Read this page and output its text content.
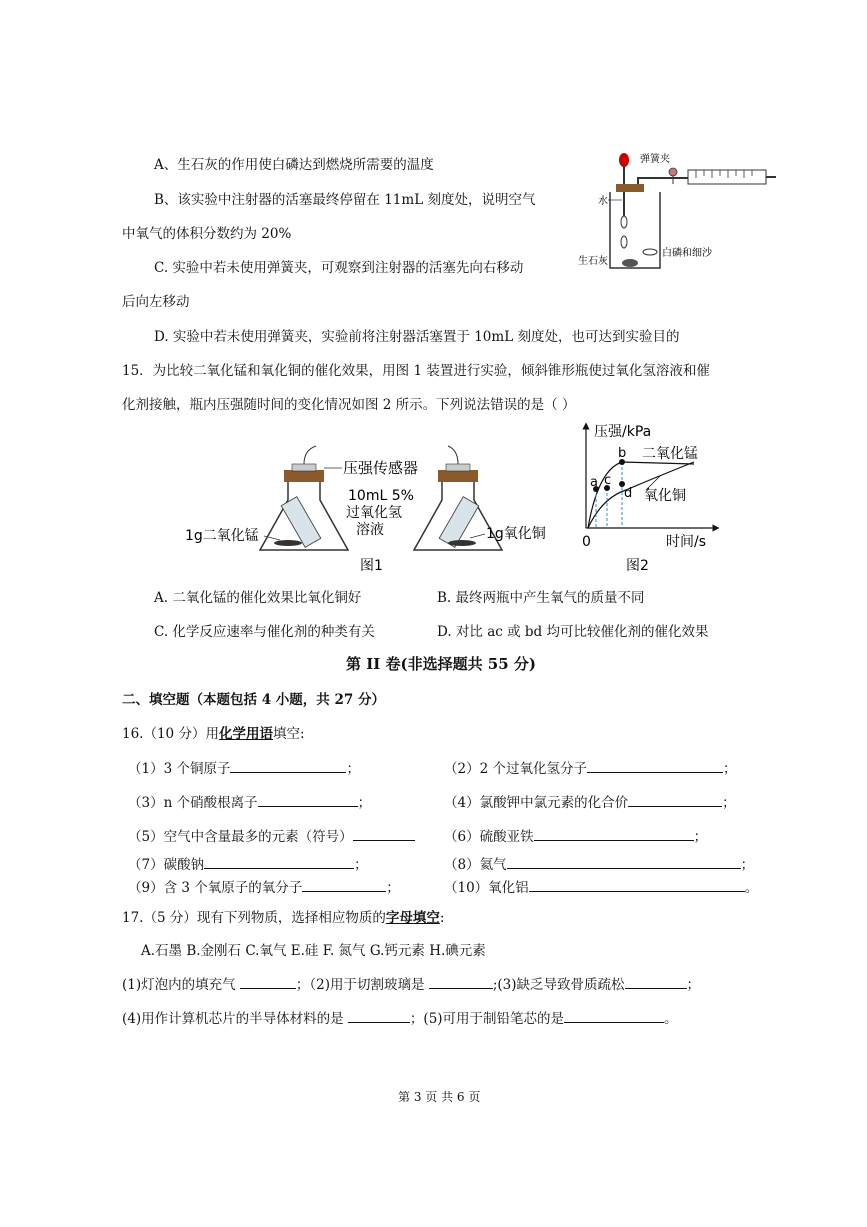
A、生石灰的作用使白磷达到燃烧所需要的温度
B、该实验中注射器的活塞最终停留在 11mL 刻度处，说明空气
中氧气的体积分数约为 20%
C. 实验中若未使用弹簧夹，可观察到注射器的活塞先向右移动
后向左移动
D. 实验中若未使用弹簧夹，实验前将注射器活塞置于 10mL 刻度处，也可达到实验目的
弹簧夹
水
生石灰
白磷和细沙
15．为比较二氧化锰和氧化铜的催化效果，用图 1 装置进行实验，倾斜锥形瓶使过氧化氢溶液和催
化剂接触，瓶内压强随时间的变化情况如图 2 所示。下列说法错误的是（ ）
压强传感器
10mL 5%
过氧化氢
溶液
1g二氧化锰	1g氧化铜
图1
压强/kPa
时间/s
0
a
b
c
d
二氧化锰
氧化铜
图2
A. 二氧化锰的催化效果比氧化铜好	B. 最终两瓶中产生氧气的质量不同
C. 化学反应速率与催化剂的种类有关	D. 对比 ac 或 bd 均可比较催化剂的催化效果
第 II 卷(非选择题共 55 分)
二、填空题（本题包括 4 小题，共 27 分）
16.（10 分）用化学用语填空:
（1）3 个铜原子	；	（2）2 个过氧化氢分子	；
（3）n 个硝酸根离子	；	（4）氯酸钾中氯元素的化合价	；
（5）空气中含量最多的元素（符号）	（6）硫酸亚铁	；
（7）碳酸钠	；	（8）氦气	；
（9）含 3 个氧原子的氧分子	；	（10）氧化铝	。
17.（5 分）现有下列物质，选择相应物质的字母填空:
A.石墨 B.金刚石 C.氧气 E.硅 F. 氮气 G.钙元素 H.碘元素
(1)灯泡内的填充气	；（2)用于切割玻璃是	;(3)缺乏导致骨质疏松	；
(4)用作计算机芯片的半导体材料的是	；(5)可用于制铅笔芯的是	。
第 3 页 共 6 页
